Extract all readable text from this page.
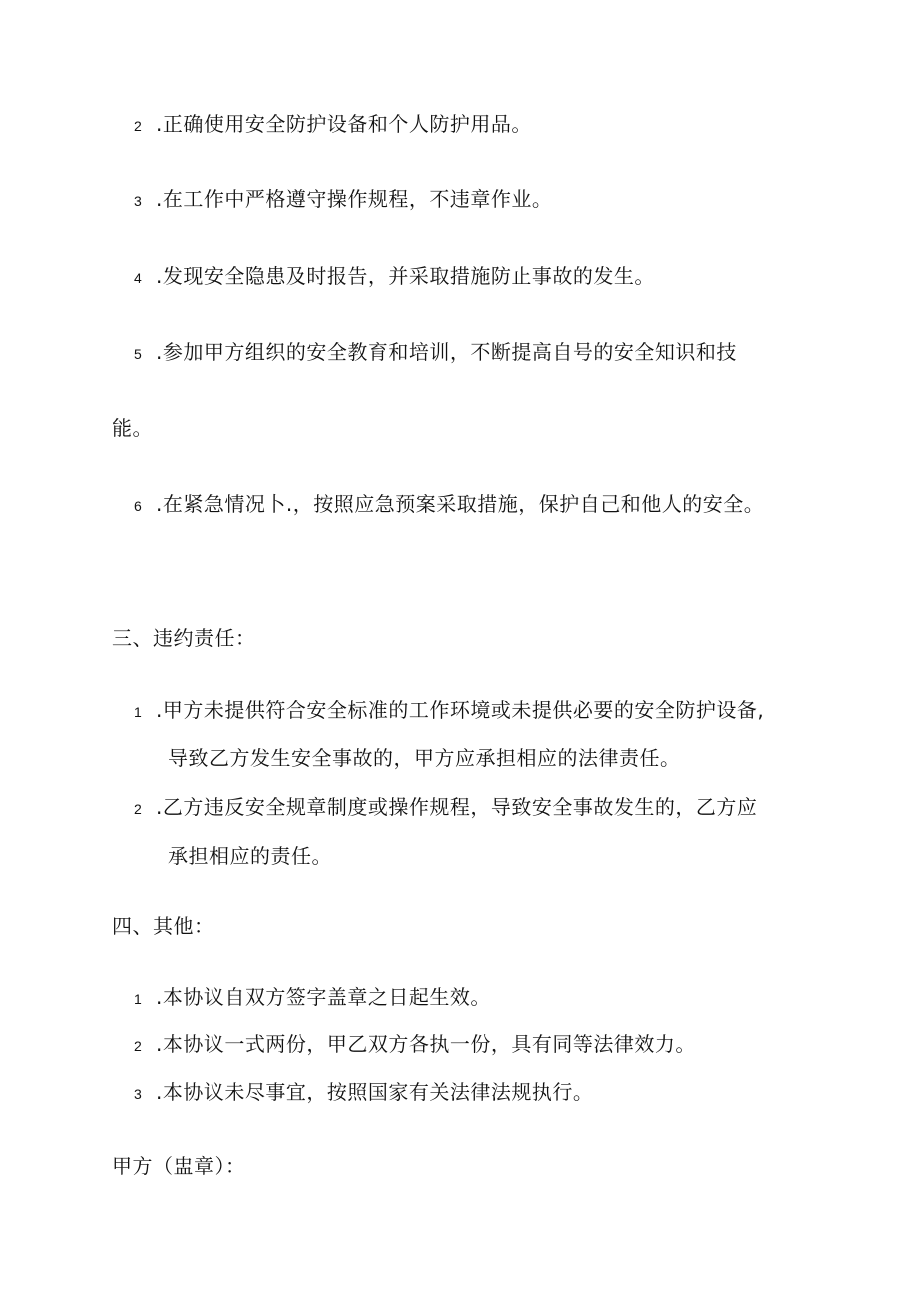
2 .正确使用安全防护设备和个人防护用品。
3 .在工作中严格遵守操作规程，不违章作业。
4 .发现安全隐患及时报告，并采取措施防止事故的发生。
5 .参加甲方组织的安全教育和培训，不断提高自号的安全知识和技
能。
6 .在紧急情况卜.，按照应急预案采取措施，保护自己和他人的安全。
三、违约责任：
1 .甲方未提供符合安全标准的工作环境或未提供必要的安全防护设备,
导致乙方发生安全事故的，甲方应承担相应的法律责任。
2 .乙方违反安全规章制度或操作规程，导致安全事故发生的，乙方应
承担相应的责任。
四、其他：
1 .本协议自双方签字盖章之日起生效。
2 .本协议一式两份，甲乙双方各执一份，具有同等法律效力。
3 .本协议未尽事宜，按照国家有关法律法规执行。
甲方（盅章）：
